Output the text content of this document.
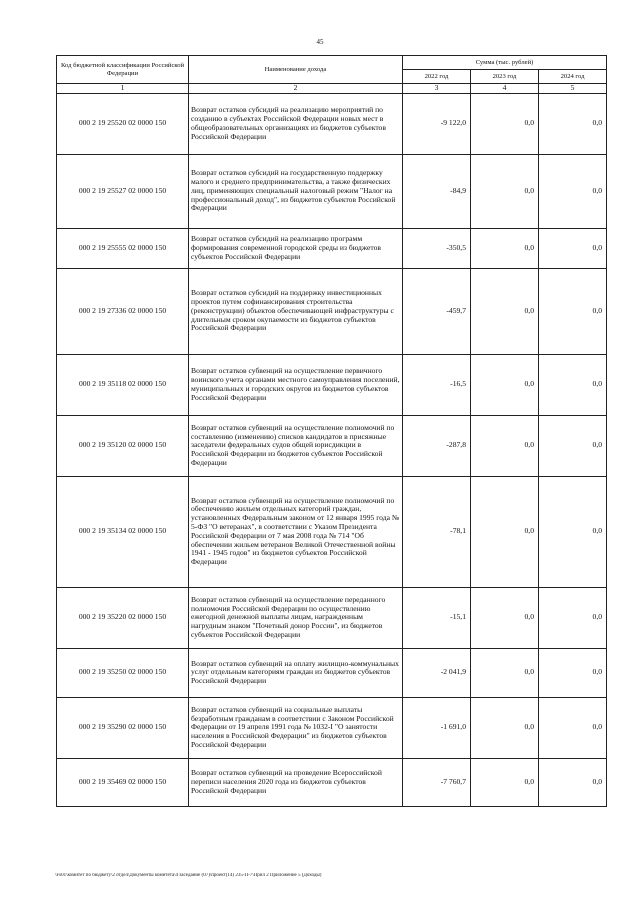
45
Код бюджетной классификации Российской Федерации	Наименование дохода	Сумма (тыс. рублей)		
		2022 год	2023 год	2024 год
1	2	3	4	5
000 2 19 25520 02 0000 150	Возврат остатков субсидий на реализацию мероприятий по созданию в субъектах Российской Федерации новых мест в общеобразовательных организациях из бюджетов субъектов Российской Федерации	-9 122,0	0,0	0,0
000 2 19 25527 02 0000 150	Возврат остатков субсидий на государственную поддержку малого и среднего предпринимательства, а также физических лиц, применяющих специальный налоговый режим "Налог на профессиональный доход", из бюджетов субъектов Российской Федерации	-84,9	0,0	0,0
000 2 19 25555 02 0000 150	Возврат остатков субсидий на реализацию программ формирования современной городской среды из бюджетов субъектов Российской Федерации	-350,5	0,0	0,0
000 2 19 27336 02 0000 150	Возврат остатков субсидий на поддержку инвестиционных проектов путем софинансирования строительства (реконструкции) объектов обеспечивающей инфраструктуры с длительным сроком окупаемости из бюджетов субъектов Российской Федерации	-459,7	0,0	0,0
000 2 19 35118 02 0000 150	Возврат остатков субвенций на осуществление первичного воинского учета органами местного самоуправления поселений, муниципальных и городских округов из бюджетов субъектов Российской Федерации	-16,5	0,0	0,0
000 2 19 35120 02 0000 150	Возврат остатков субвенций на осуществление полномочий по составлению (изменению) списков кандидатов в присяжные заседатели федеральных судов общей юрисдикции в Российской Федерации из бюджетов субъектов Российской Федерации	-287,8	0,0	0,0
000 2 19 35134 02 0000 150	Возврат остатков субвенций на осуществление полномочий по обеспечению жильем отдельных категорий граждан, установленных Федеральным законом от 12 января 1995 года № 5-ФЗ "О ветеранах", в соответствии с Указом Президента Российской Федерации от 7 мая 2008 года № 714 "Об обеспечении жильем ветеранов Великой Отечественной войны 1941 - 1945 годов" из бюджетов субъектов Российской Федерации	-78,1	0,0	0,0
000 2 19 35220 02 0000 150	Возврат остатков субвенций на осуществление переданного полномочия Российской Федерации по осуществлению ежегодной денежной выплаты лицам, награжденным нагрудным знаком "Почетный донор России", из бюджетов субъектов Российской Федерации	-15,1	0,0	0,0
000 2 19 35250 02 0000 150	Возврат остатков субвенций на оплату жилищно-коммунальных услуг отдельным категориям граждан из бюджетов субъектов Российской Федерации	-2 041,9	0,0	0,0
000 2 19 35290 02 0000 150	Возврат остатков субвенций на социальные выплаты безработным гражданам в соответствии с Законом Российской Федерации от 19 апреля 1991 года № 1032-I "О занятости населения в Российской Федерации" из бюджетов субъектов Российской Федерации	-1 691,0	0,0	0,0
000 2 19 35469 02 0000 150	Возврат остатков субвенций на проведение Всероссийской переписи населения 2020 года из бюджетов субъектов Российской Федерации	-7 760,7	0,0	0,0
\Fs01\комитет по бюджету\2 отдел\Документы комитета\4 заседание (07)\проект(14) 235-П-7\Прил 2 Приложение 5 (Доходы)
